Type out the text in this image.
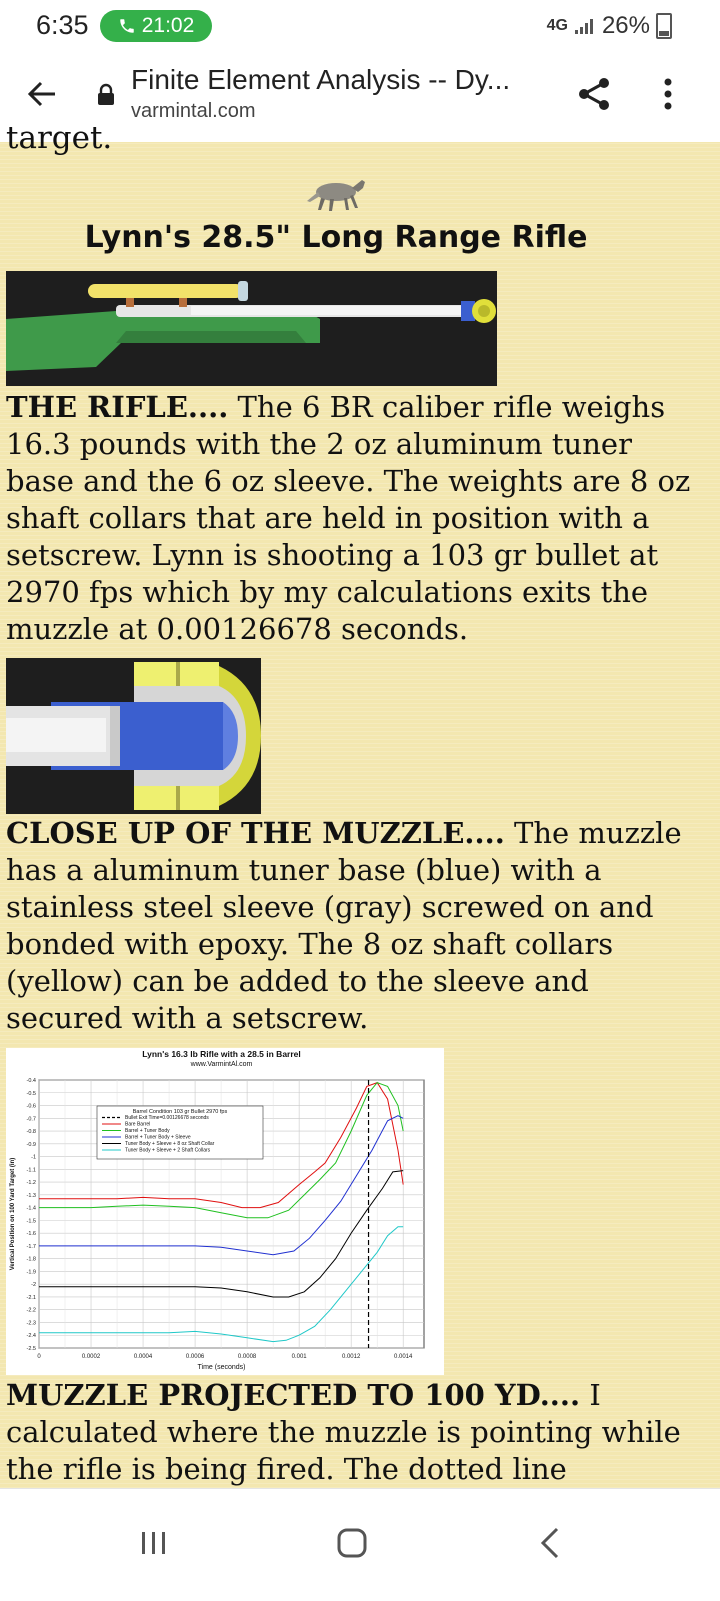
6:35	21:02	4G 26%
Finite Element Analysis -- Dy...
varmintal.com
target.
Lynn's 28.5" Long Range Rifle

THE RIFLE.... The 6 BR caliber rifle weighs 16.3 pounds with the 2 oz aluminum tuner base and the 6 oz sleeve. The weights are 8 oz shaft collars that are held in position with a setscrew. Lynn is shooting a 103 gr bullet at 2970 fps which by my calculations exits the muzzle at 0.00126678 seconds.

CLOSE UP OF THE MUZZLE.... The muzzle has a aluminum tuner base (blue) with a stainless steel sleeve (gray) screwed on and bonded with epoxy. The 8 oz shaft collars (yellow) can be added to the sleeve and secured with a setscrew.

-0.4
-0.5
-0.6
-0.7
-0.8
-0.9
-1
-1.1
-1.2
-1.3
-1.4
-1.5
-1.6
-1.7
-1.8
-1.9
-2
-2.1
-2.2
-2.3
-2.4
-2.5
0	0.0002	0.0004	0.0006	0.0008	0.001	0.0012	0.0014
Lynn's 16.3 lb Rifle with a 28.5 in Barrel
www.VarmintAl.com
Time (seconds)
Vertical Position on 100 Yard Target (in)
Barrel Condition 103 gr Bullet 2970 fps
Bullet Exit Time=0.00126678 seconds
Bare Barrel
Barrel + Tuner Body
Barrel + Tuner Body + Sleeve
Tuner Body + Sleeve + 8 oz Shaft Collar
Tuner Body + Sleeve + 2 Shaft Collars

MUZZLE PROJECTED TO 100 YD.... I calculated where the muzzle is pointing while the rifle is being fired. The dotted line
